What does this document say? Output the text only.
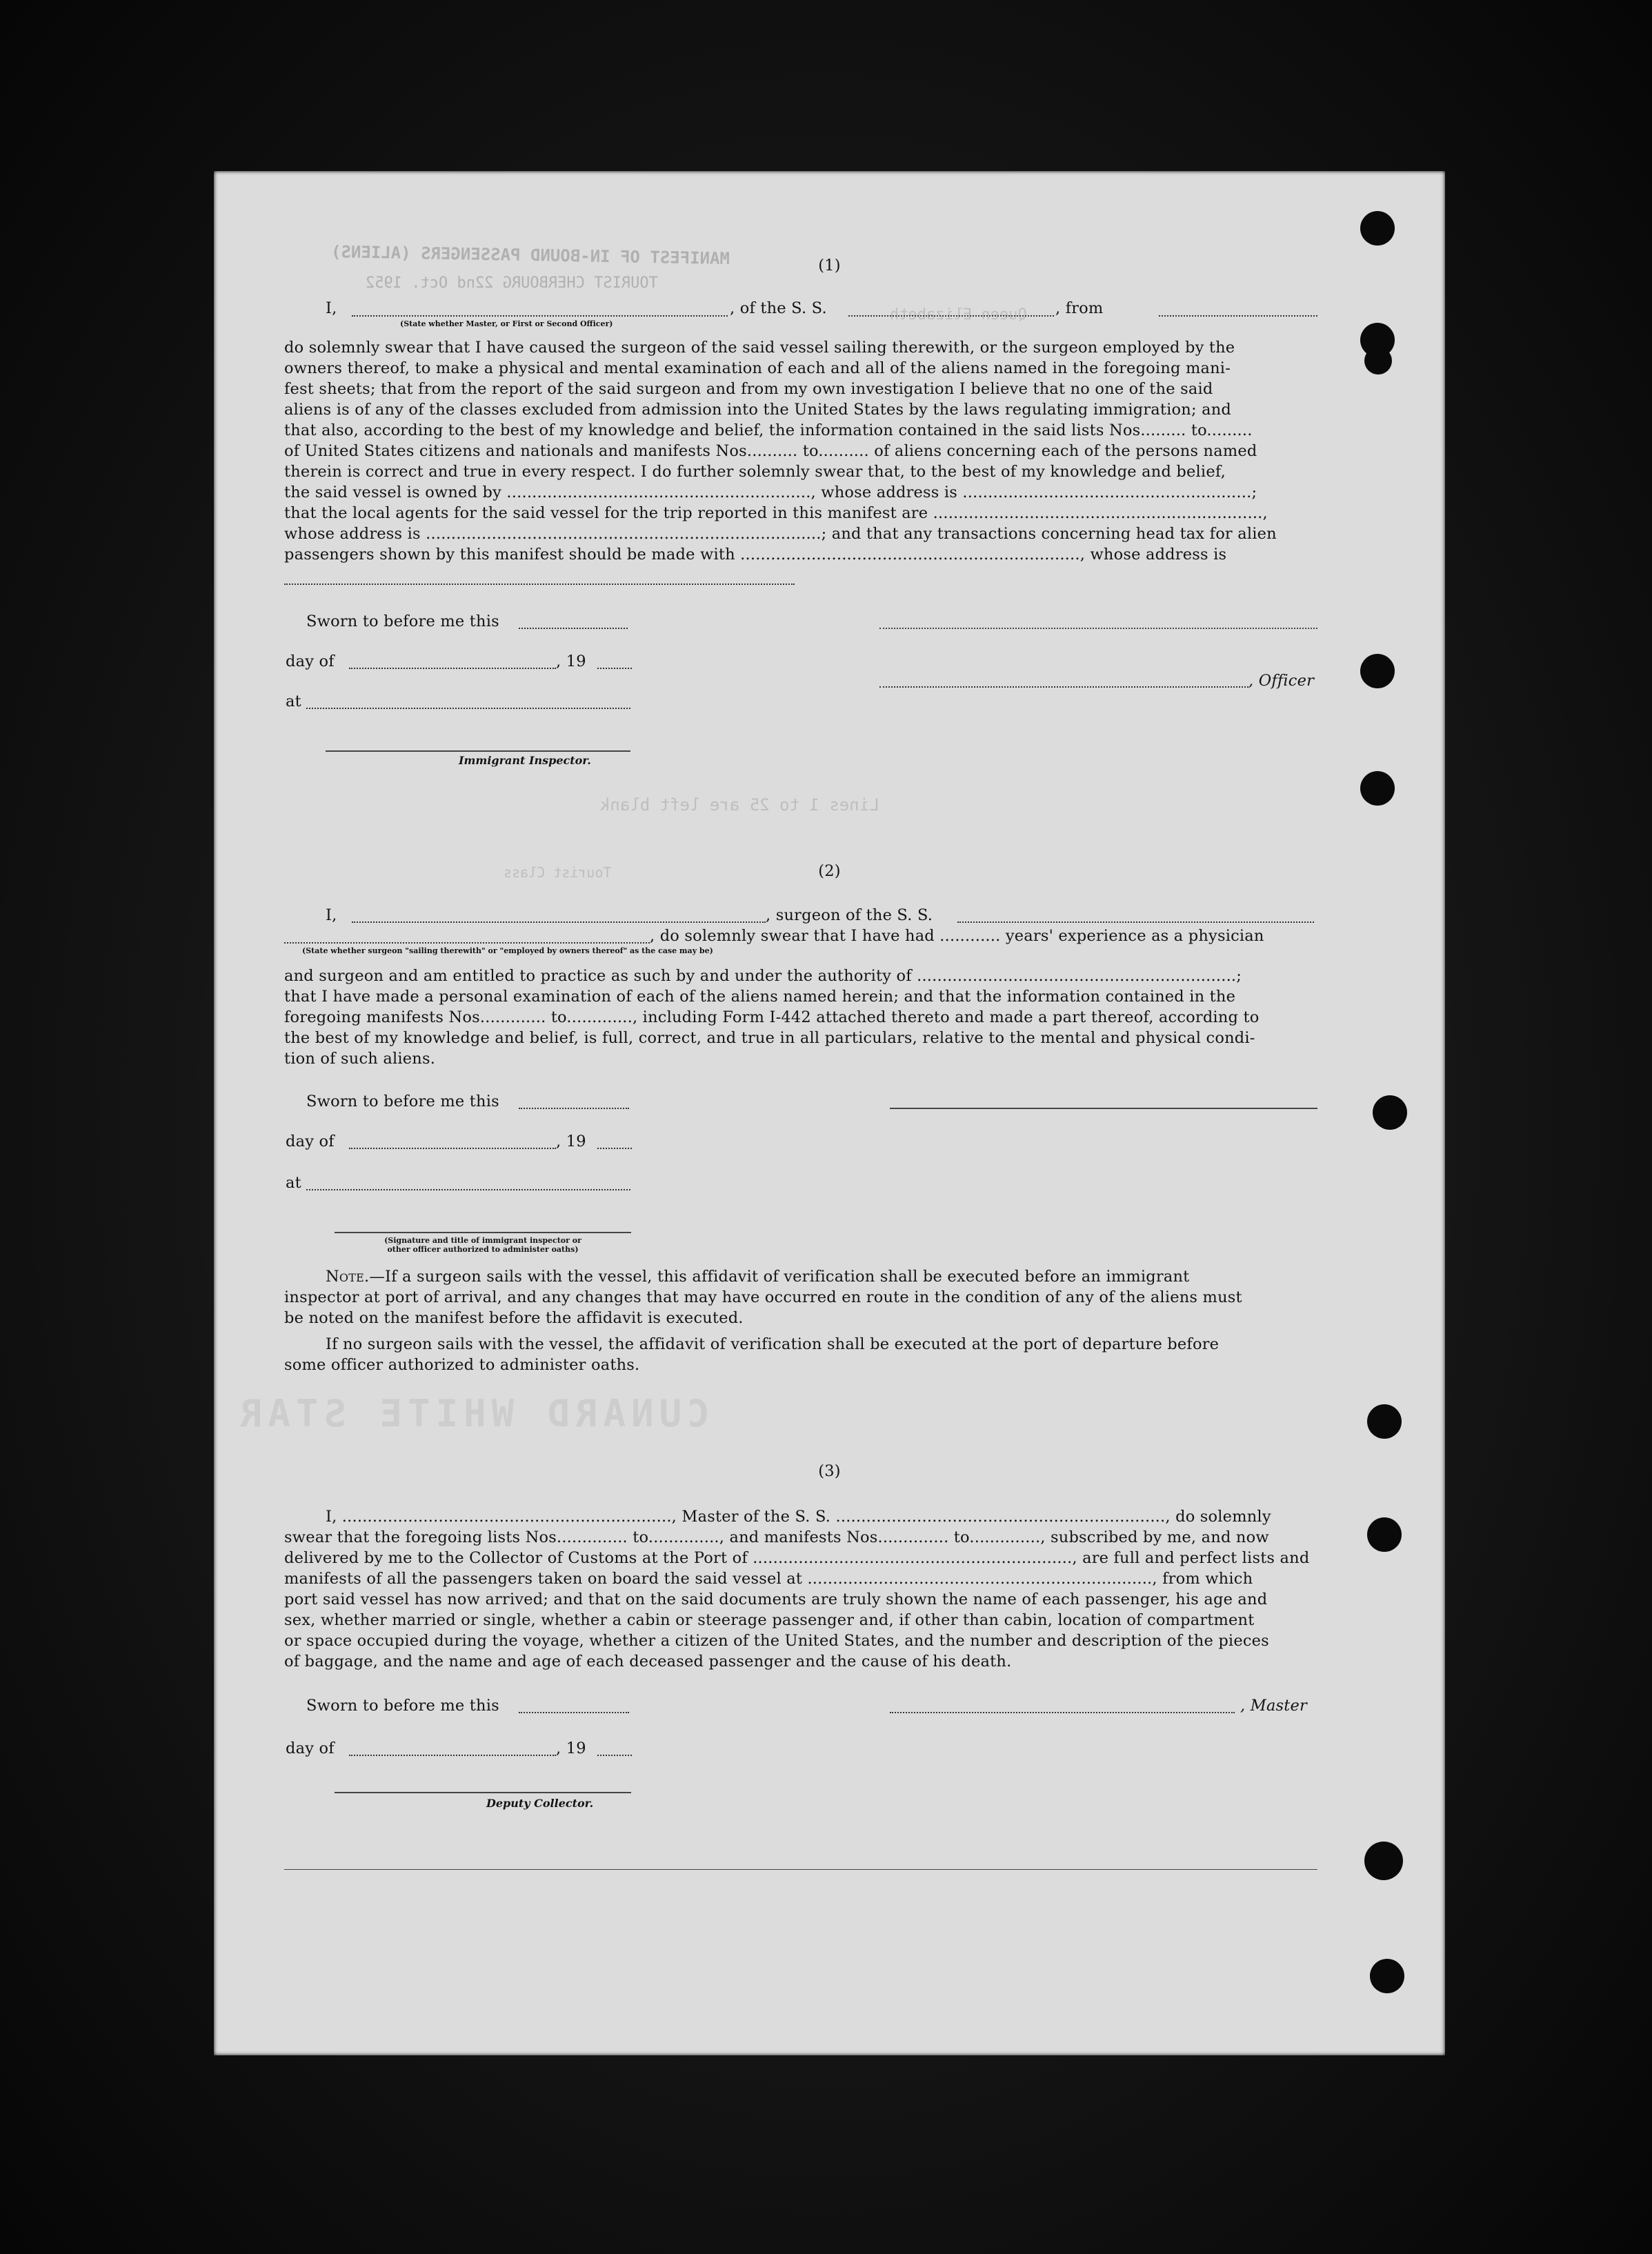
MANIFEST OF IN-BOUND PASSENGERS (ALIENS)
TOURIST CHERBOURG 22nd Oct. 1952
Queen Elizabeth
Lines 1 to 25 are left blank
Tourist Class
CUNARD WHITE STAR
(1)
I,	, of the S. S.	, from
(State whether Master, or First or Second Officer)
do solemnly swear that I have caused the surgeon of the said vessel sailing therewith, or the surgeon employed by the
owners thereof, to make a physical and mental examination of each and all of the aliens named in the foregoing mani-
fest sheets; that from the report of the said surgeon and from my own investigation I believe that no one of the said
aliens is of any of the classes excluded from admission into the United States by the laws regulating immigration; and
that also, according to the best of my knowledge and belief, the information contained in the said lists Nos......... to.........
of United States citizens and nationals and manifests Nos.......... to.......... of aliens concerning each of the persons named
therein is correct and true in every respect. I do further solemnly swear that, to the best of my knowledge and belief,
the said vessel is owned by ............................................................, whose address is .........................................................;
that the local agents for the said vessel for the trip reported in this manifest are .................................................................,
whose address is ..............................................................................; and that any transactions concerning head tax for alien
passengers shown by this manifest should be made with ..................................................................., whose address is
Sworn to before me this
day of	, 19
, Officer
at
Immigrant Inspector.
(2)
I,	, surgeon of the S. S.
, do solemnly swear that I have had ............ years' experience as a physician
(State whether surgeon "sailing therewith" or "employed by owners thereof" as the case may be)
and surgeon and am entitled to practice as such by and under the authority of ...............................................................;
that I have made a personal examination of each of the aliens named herein; and that the information contained in the
foregoing manifests Nos............. to............., including Form I-442 attached thereto and made a part thereof, according to
the best of my knowledge and belief, is full, correct, and true in all particulars, relative to the mental and physical condi-
tion of such aliens.
Sworn to before me this
day of	, 19
at
(Signature and title of immigrant inspector or
other officer authorized to administer oaths)
Note.—If a surgeon sails with the vessel, this affidavit of verification shall be executed before an immigrant
inspector at port of arrival, and any changes that may have occurred en route in the condition of any of the aliens must
be noted on the manifest before the affidavit is executed.
If no surgeon sails with the vessel, the affidavit of verification shall be executed at the port of departure before
some officer authorized to administer oaths.
(3)
I, ................................................................., Master of the S. S. ................................................................., do solemnly
swear that the foregoing lists Nos.............. to.............., and manifests Nos.............. to.............., subscribed by me, and now
delivered by me to the Collector of Customs at the Port of ..............................................................., are full and perfect lists and
manifests of all the passengers taken on board the said vessel at ...................................................................., from which
port said vessel has now arrived; and that on the said documents are truly shown the name of each passenger, his age and
sex, whether married or single, whether a cabin or steerage passenger and, if other than cabin, location of compartment
or space occupied during the voyage, whether a citizen of the United States, and the number and description of the pieces
of baggage, and the name and age of each deceased passenger and the cause of his death.
Sworn to before me this	, Master
day of	, 19
Deputy Collector.
